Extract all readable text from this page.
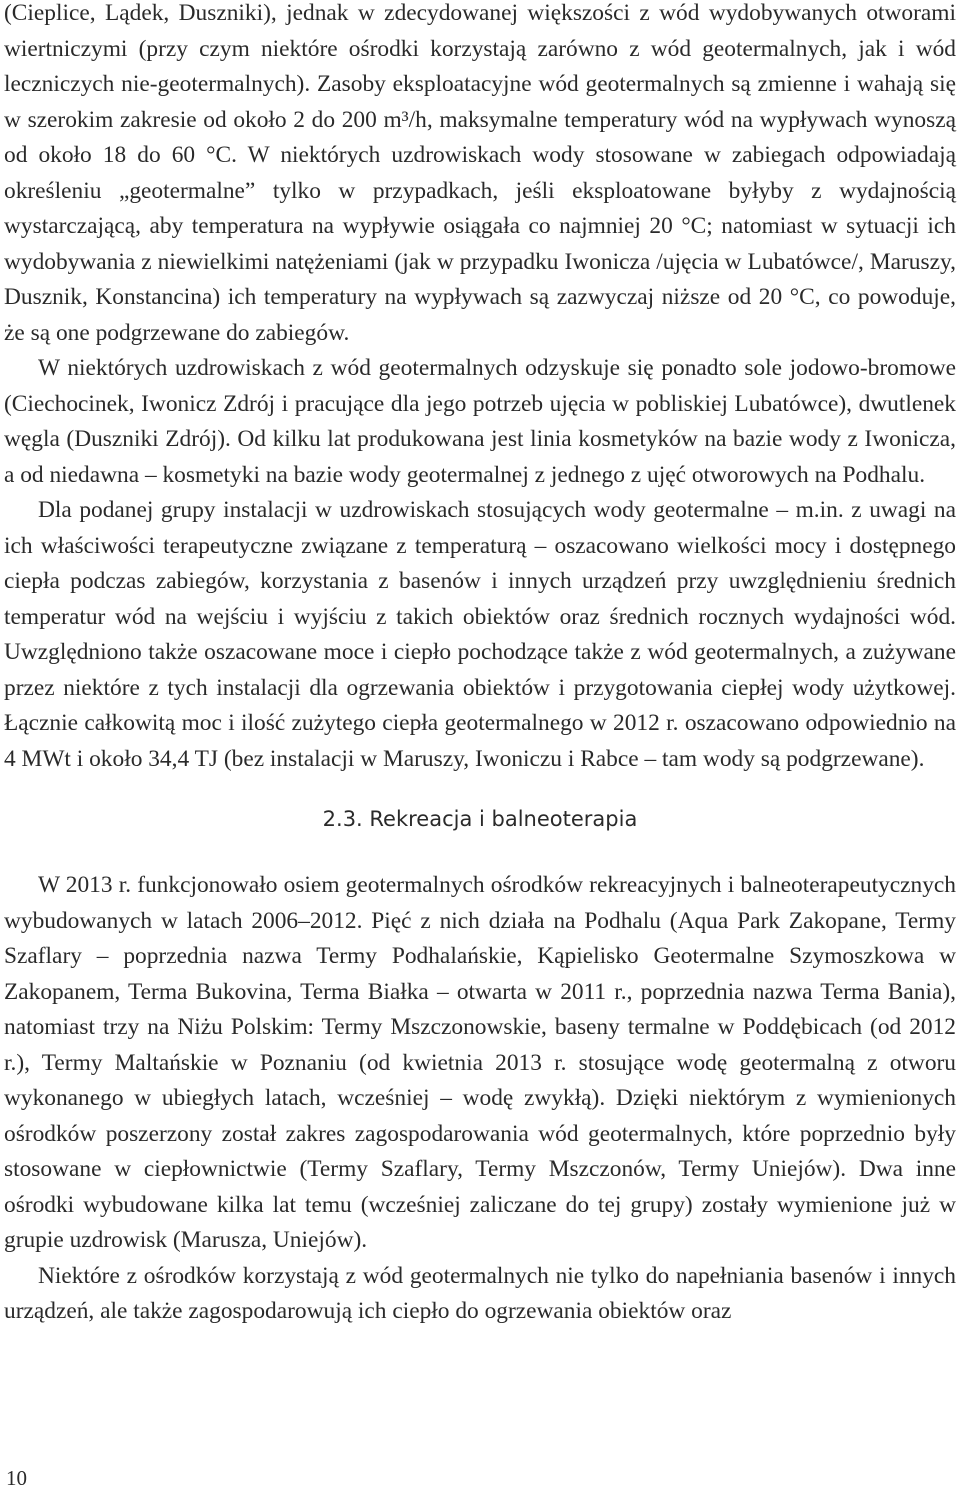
(Cieplice, Lądek, Duszniki), jednak w zdecydowanej większości z wód wydobywanych otworami wiertniczymi (przy czym niektóre ośrodki korzystają zarówno z wód geotermalnych, jak i wód leczniczych nie-geotermalnych). Zasoby eksploatacyjne wód geotermalnych są zmienne i wahają się w szerokim zakresie od około 2 do 200 m³/h, maksymalne temperatury wód na wypływach wynoszą od około 18 do 60 °C. W niektórych uzdrowiskach wody stosowane w zabiegach odpowiadają określeniu „geotermalne” tylko w przypadkach, jeśli eksploatowane byłyby z wydajnością wystarczającą, aby temperatura na wypływie osiągała co najmniej 20 °C; natomiast w sytuacji ich wydobywania z niewielkimi natężeniami (jak w przypadku Iwonicza /ujęcia w Lubatówce/, Maruszy, Dusznik, Konstancina) ich temperatury na wypływach są zazwyczaj niższe od 20 °C, co powoduje, że są one podgrzewane do zabiegów.

W niektórych uzdrowiskach z wód geotermalnych odzyskuje się ponadto sole jodowo-bromowe (Ciechocinek, Iwonicz Zdrój i pracujące dla jego potrzeb ujęcia w pobliskiej Lubatówce), dwutlenek węgla (Duszniki Zdrój). Od kilku lat produkowana jest linia kosmetyków na bazie wody z Iwonicza, a od niedawna – kosmetyki na bazie wody geotermalnej z jednego z ujęć otworowych na Podhalu.

Dla podanej grupy instalacji w uzdrowiskach stosujących wody geotermalne – m.in. z uwagi na ich właściwości terapeutyczne związane z temperaturą – oszacowano wielkości mocy i dostępnego ciepła podczas zabiegów, korzystania z basenów i innych urządzeń przy uwzględnieniu średnich temperatur wód na wejściu i wyjściu z takich obiektów oraz średnich rocznych wydajności wód. Uwzględniono także oszacowane moce i ciepło pochodzące także z wód geotermalnych, a zużywane przez niektóre z tych instalacji dla ogrzewania obiektów i przygotowania ciepłej wody użytkowej. Łącznie całkowitą moc i ilość zużytego ciepła geotermalnego w 2012 r. oszacowano odpowiednio na 4 MWt i około 34,4 TJ (bez instalacji w Maruszy, Iwoniczu i Rabce – tam wody są podgrzewane).

2.3. Rekreacja i balneoterapia

W 2013 r. funkcjonowało osiem geotermalnych ośrodków rekreacyjnych i balneoterapeutycznych wybudowanych w latach 2006–2012. Pięć z nich działa na Podhalu (Aqua Park Zakopane, Termy Szaflary – poprzednia nazwa Termy Podhalańskie, Kąpielisko Geotermalne Szymoszkowa w Zakopanem, Terma Bukovina, Terma Białka – otwarta w 2011 r., poprzednia nazwa Terma Bania), natomiast trzy na Niżu Polskim: Termy Mszczonowskie, baseny termalne w Poddębicach (od 2012 r.), Termy Maltańskie w Poznaniu (od kwietnia 2013 r. stosujące wodę geotermalną z otworu wykonanego w ubiegłych latach, wcześniej – wodę zwykłą). Dzięki niektórym z wymienionych ośrodków poszerzony został zakres zagospodarowania wód geotermalnych, które poprzednio były stosowane w ciepłownictwie (Termy Szaflary, Termy Mszczonów, Termy Uniejów). Dwa inne ośrodki wybudowane kilka lat temu (wcześniej zaliczane do tej grupy) zostały wymienione już w grupie uzdrowisk (Marusza, Uniejów).

Niektóre z ośrodków korzystają z wód geotermalnych nie tylko do napełniania basenów i innych urządzeń, ale także zagospodarowują ich ciepło do ogrzewania obiektów oraz

10
